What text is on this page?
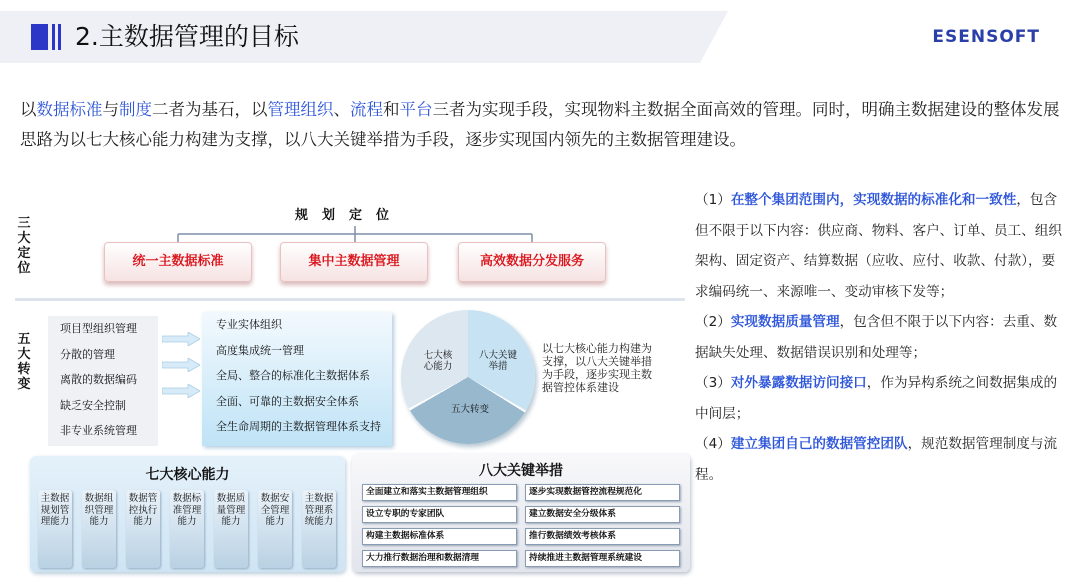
2.主数据管理的目标	ESENSOFT

以数据标准与制度二者为基石，以管理组织、流程和平台三者为实现手段，实现物料主数据全面高效的管理。同时，明确主数据建设的整体发展思路为以七大核心能力构建为支撑，以八大关键举措为手段，逐步实现国内领先的主数据管理建设。

三大定位
五大转变
规划定位
统一主数据标准	集中主数据管理	高效数据分发服务
项目型组织管理
分散的管理
离散的数据编码
缺乏安全控制
非专业系统管理
专业实体组织
高度集成统一管理
全局、整合的标准化主数据体系
全面、可靠的主数据安全体系
全生命周期的主数据管理体系支持
七大核心能力
八大关键举措
五大转变
以七大核心能力构建为支撑，以八大关键举措为手段，逐步实现主数据管控体系建设
七大核心能力
主数据规划管理能力
数据组织管理能力
数据管控执行能力
数据标准管理能力
数据质量管理能力
数据安全管理能力
主数据管理系统能力
八大关键举措
全面建立和落实主数据管理组织	逐步实现数据管控流程规范化
设立专职的专家团队	建立数据安全分级体系
构建主数据标准体系	推行数据绩效考核体系
大力推行数据治理和数据清理	持续推进主数据管理系统建设

（1）在整个集团范围内，实现数据的标准化和一致性，包含但不限于以下内容：供应商、物料、客户、订单、员工、组织架构、固定资产、结算数据（应收、应付、收款、付款），要求编码统一、来源唯一、变动审核下发等；

（2）实现数据质量管理，包含但不限于以下内容：去重、数据缺失处理、数据错误识别和处理等；

（3）对外暴露数据访问接口，作为异构系统之间数据集成的中间层；

（4）建立集团自己的数据管控团队，规范数据管理制度与流程。
